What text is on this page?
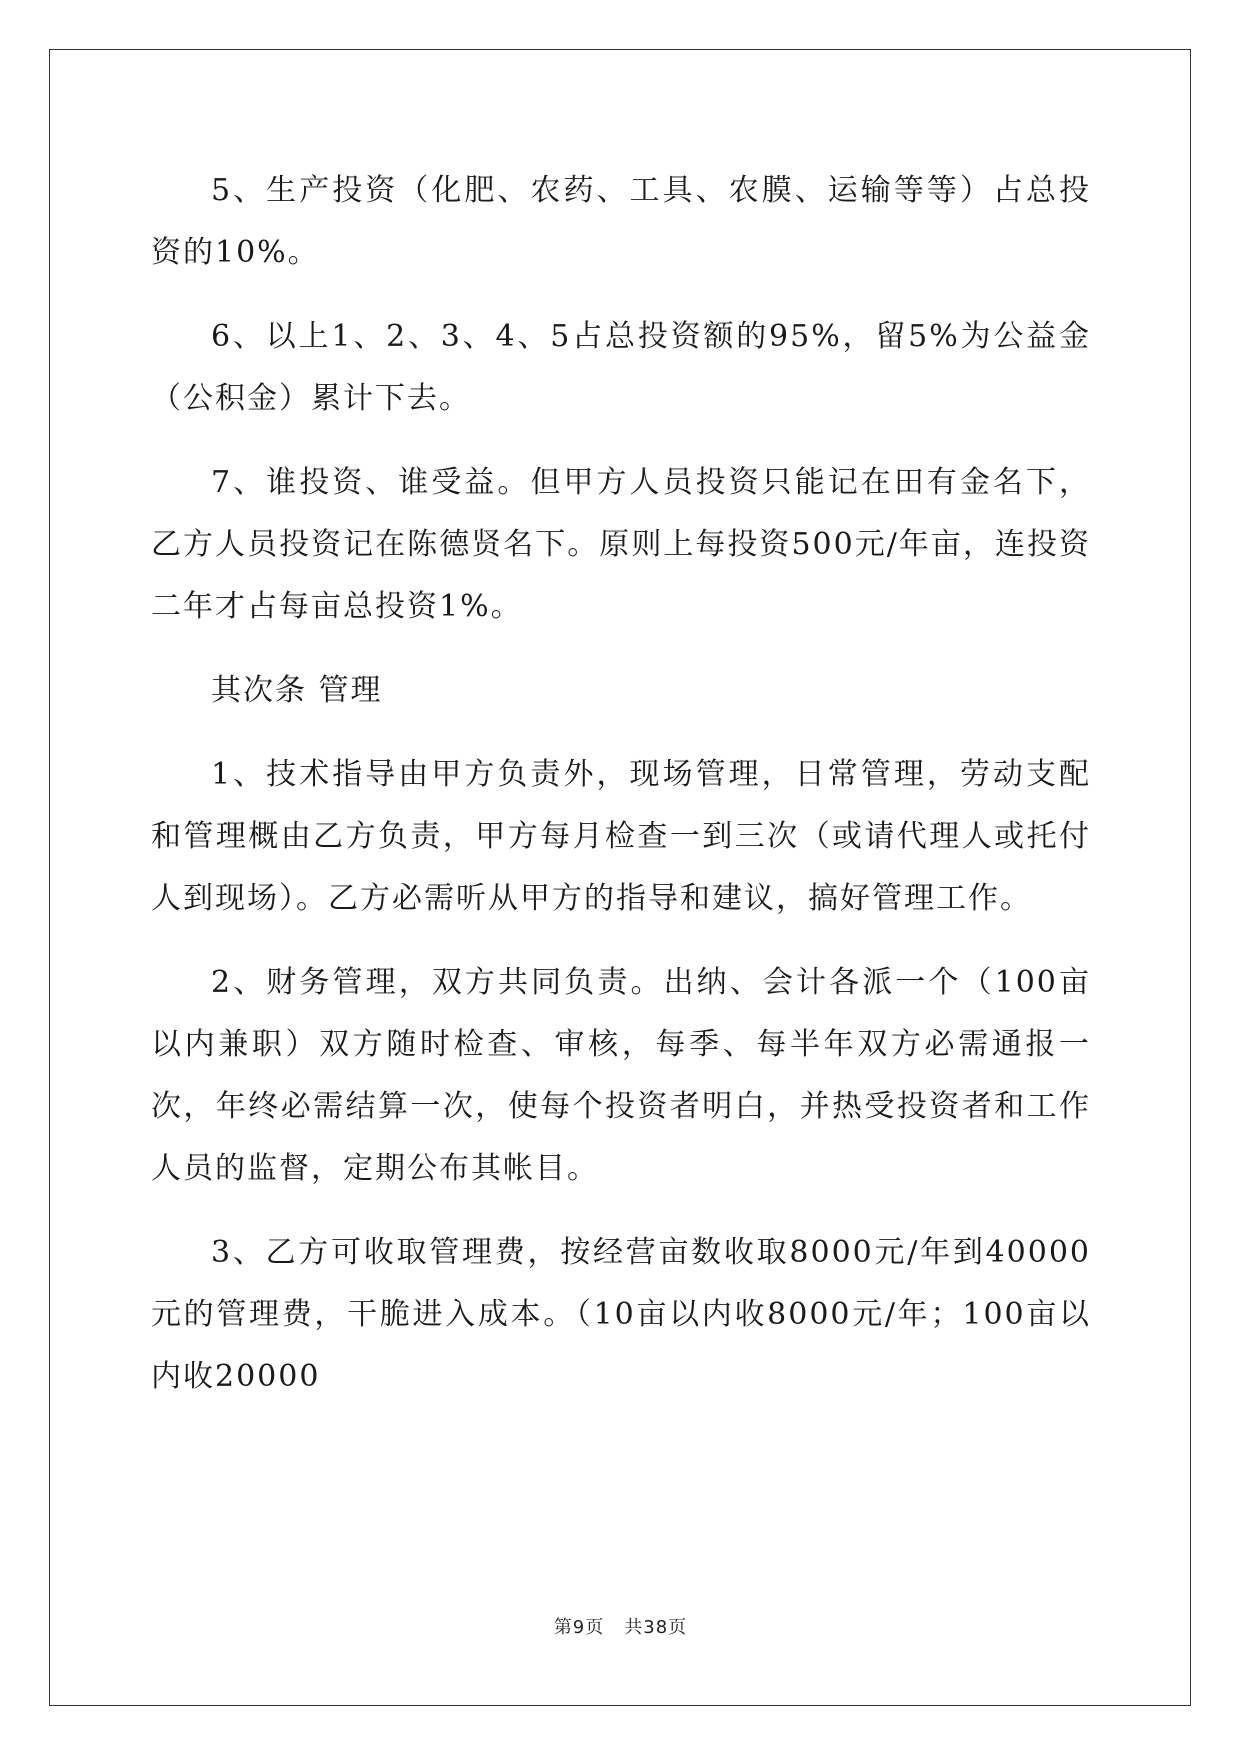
5、生产投资（化肥、农药、工具、农膜、运输等等）占总投资的10%。

6、以上1、2、3、4、5占总投资额的95%，留5%为公益金（公积金）累计下去。

7、谁投资、谁受益。但甲方人员投资只能记在田有金名下，乙方人员投资记在陈德贤名下。原则上每投资500元/年亩，连投资二年才占每亩总投资1%。

其次条 管理

1、技术指导由甲方负责外，现场管理，日常管理，劳动支配和管理概由乙方负责，甲方每月检查一到三次（或请代理人或托付人到现场）。乙方必需听从甲方的指导和建议，搞好管理工作。

2、财务管理，双方共同负责。出纳、会计各派一个（100亩以内兼职）双方随时检查、审核，每季、每半年双方必需通报一次，年终必需结算一次，使每个投资者明白，并热受投资者和工作人员的监督，定期公布其帐目。

3、乙方可收取管理费，按经营亩数收取8000元/年到40000元的管理费，干脆进入成本。（10亩以内收8000元/年；100亩以内收20000

第9页 共38页
